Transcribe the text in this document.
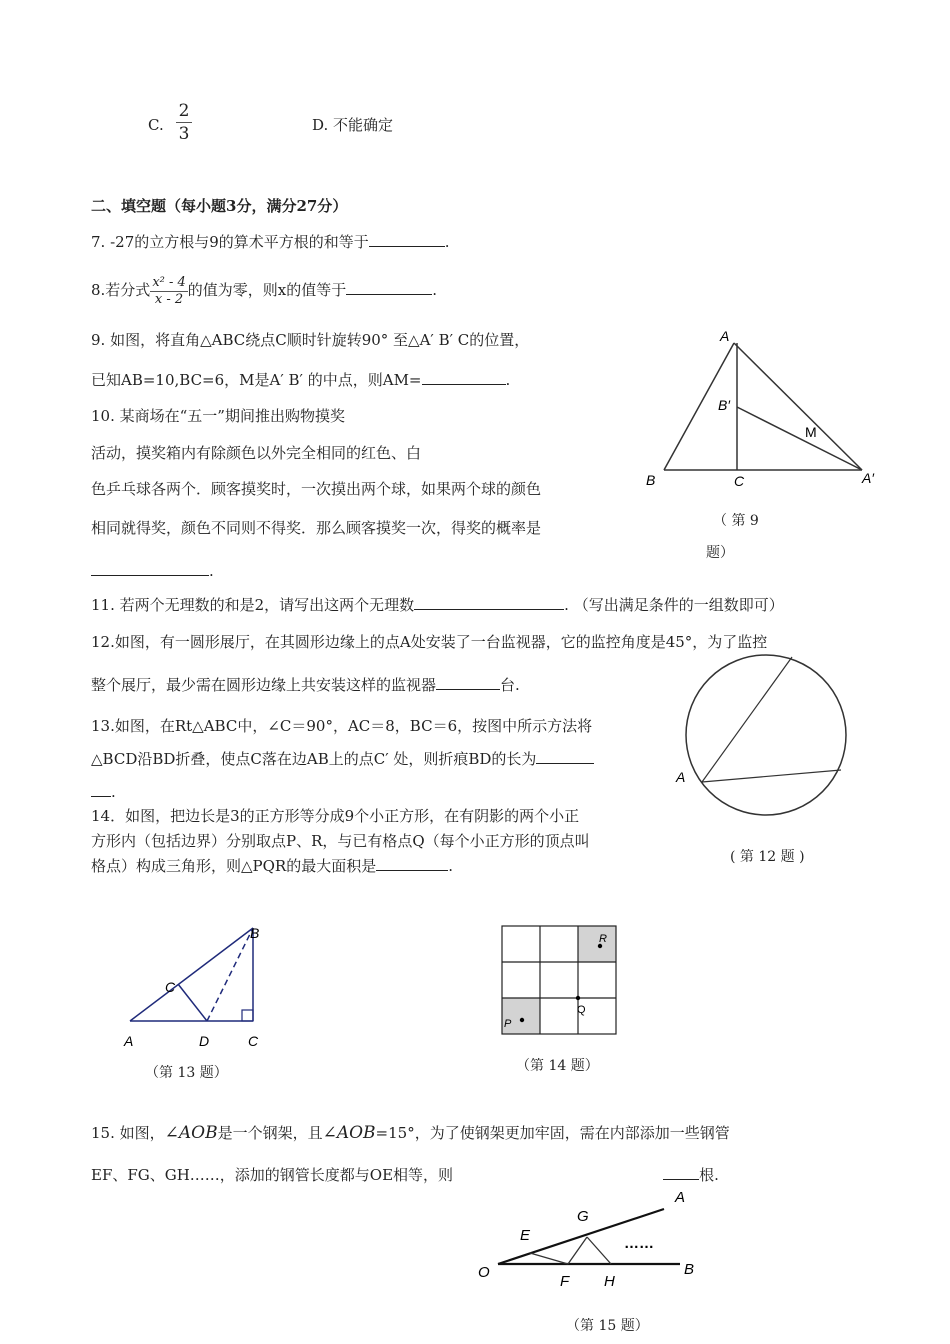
C. $\frac{2}{3}$	D. 不能确定
二、填空题（每小题3分，满分27分）
7. -27的立方根与9的算术平方根的和等于	.
8.若分式 $\frac{\text{x² - 4}}{x - 2}$ 的值为零，则x的值等于	.
9. 如图，将直角△ABC绕点C顺时针旋转90° 至△A′ B′ C的位置，
已知AB=10,BC=6，M是A′ B′ 的中点，则AM=	.
10. 某商场在“五一”期间推出购物摸奖
活动，摸奖箱内有除颜色以外完全相同的红色、白
色乒乓球各两个．顾客摸奖时，一次摸出两个球，如果两个球的颜色
相同就得奖，颜色不同则不得奖．那么顾客摸奖一次，得奖的概率是
.
A
B	C	A′
B′
M
（ 第 9
题）
11. 若两个无理数的和是2，请写出这两个无理数	. （写出满足条件的一组数即可）
12.如图，有一圆形展厅，在其圆形边缘上的点A处安装了一台监视器，它的监控角度是45°，为了监控
整个展厅，最少需在圆形边缘上共安装这样的监视器	台.
A
( 第 12 题 )
13.如图，在Rt△ABC中，∠C＝90°，AC＝8，BC＝6，按图中所示方法将
△BCD沿BD折叠，使点C落在边AB上的点C′ 处，则折痕BD的长为
.
14．如图，把边长是3的正方形等分成9个小正方形，在有阴影的两个小正
方形内（包括边界）分别取点P、R，与已有格点Q（每个小正方形的顶点叫
格点）构成三角形，则△PQR的最大面积是	.
A	D	C
B
C
（第 13 题）
R
P
Q
（第 14 题）
15. 如图，∠AOB是一个钢架，且∠AOB=15°，为了使钢架更加牢固，需在内部添加一些钢管
EF、FG、GH……，添加的钢管长度都与OE相等，则	根.
O
A
B
E
F
G
H
……
（第 15 题）
